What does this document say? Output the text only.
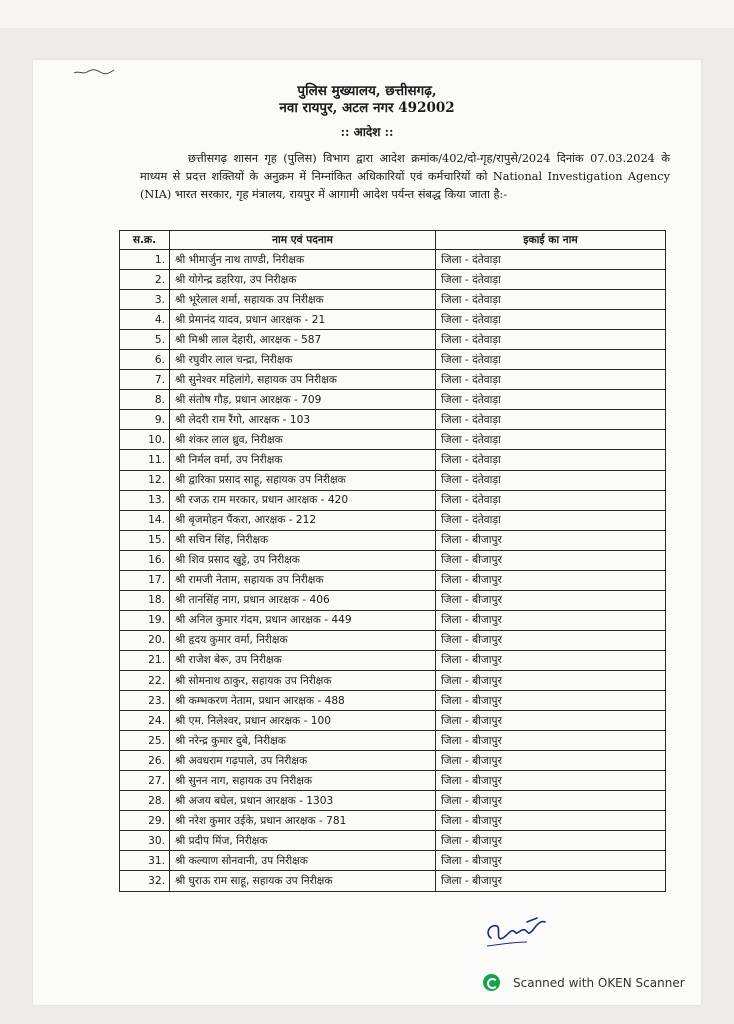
पुलिस मुख्यालय, छत्तीसगढ़,
नवा रायपुर, अटल नगर 492002
:: आदेश ::
छत्तीसगढ़ शासन गृह (पुलिस) विभाग द्वारा आदेश क्रमांक/402/दो-गृह/रापुसे/2024 दिनांक 07.03.2024 के माध्यम से प्रदत्त शक्तियों के अनुक्रम में निम्नांकित अधिकारियों एवं कर्मचारियों को National Investigation Agency (NIA) भारत सरकार, गृह मंत्रालय, रायपुर में आगामी आदेश पर्यन्त संबद्ध किया जाता है:-
स.क्र.	नाम एवं पदनाम	इकाई का नाम
1.	श्री भीमार्जुन नाथ ताण्डी, निरीक्षक	जिला - दंतेवाड़ा
2.	श्री योगेन्द्र डहरिया, उप निरीक्षक	जिला - दंतेवाड़ा
3.	श्री भूरेलाल शर्मा, सहायक उप निरीक्षक	जिला - दंतेवाड़ा
4.	श्री प्रेमानंद यादव, प्रधान आरक्षक - 21	जिला - दंतेवाड़ा
5.	श्री मिश्री लाल देहारी, आरक्षक - 587	जिला - दंतेवाड़ा
6.	श्री रघुवीर लाल चन्द्रा, निरीक्षक	जिला - दंतेवाड़ा
7.	श्री सुनेश्वर महिलांगे, सहायक उप निरीक्षक	जिला - दंतेवाड़ा
8.	श्री संतोष गौड़, प्रधान आरक्षक - 709	जिला - दंतेवाड़ा
9.	श्री लेदरी राम रैंगो, आरक्षक - 103	जिला - दंतेवाड़ा
10.	श्री शंकर लाल ध्रुव, निरीक्षक	जिला - दंतेवाड़ा
11.	श्री निर्मल वर्मा, उप निरीक्षक	जिला - दंतेवाड़ा
12.	श्री द्वारिका प्रसाद साहू, सहायक उप निरीक्षक	जिला - दंतेवाड़ा
13.	श्री रजऊ राम मरकार, प्रधान आरक्षक - 420	जिला - दंतेवाड़ा
14.	श्री बृजमोहन पैंकरा, आरक्षक - 212	जिला - दंतेवाड़ा
15.	श्री सचिन सिंह, निरीक्षक	जिला - बीजापुर
16.	श्री शिव प्रसाद खुट्टे, उप निरीक्षक	जिला - बीजापुर
17.	श्री रामजी नेताम, सहायक उप निरीक्षक	जिला - बीजापुर
18.	श्री तानसिंह नाग, प्रधान आरक्षक - 406	जिला - बीजापुर
19.	श्री अनिल कुमार गंदम, प्रधान आरक्षक - 449	जिला - बीजापुर
20.	श्री हृदय कुमार वर्मा, निरीक्षक	जिला - बीजापुर
21.	श्री राजेश बेरू, उप निरीक्षक	जिला - बीजापुर
22.	श्री सोमनाथ ठाकुर, सहायक उप निरीक्षक	जिला - बीजापुर
23.	श्री कम्भकरण नेताम, प्रधान आरक्षक - 488	जिला - बीजापुर
24.	श्री एम. निलेश्वर, प्रधान आरक्षक - 100	जिला - बीजापुर
25.	श्री नरेन्द्र कुमार दुबे, निरीक्षक	जिला - बीजापुर
26.	श्री अवधराम गढ़पाले, उप निरीक्षक	जिला - बीजापुर
27.	श्री सुनन नाग, सहायक उप निरीक्षक	जिला - बीजापुर
28.	श्री अजय बघेल, प्रधान आरक्षक - 1303	जिला - बीजापुर
29.	श्री नरेश कुमार उईके, प्रधान आरक्षक - 781	जिला - बीजापुर
30.	श्री प्रदीप मिंज, निरीक्षक	जिला - बीजापुर
31.	श्री कल्याण सोनवानी, उप निरीक्षक	जिला - बीजापुर
32.	श्री घुराऊ राम साहू, सहायक उप निरीक्षक	जिला - बीजापुर
Scanned with OKEN Scanner
